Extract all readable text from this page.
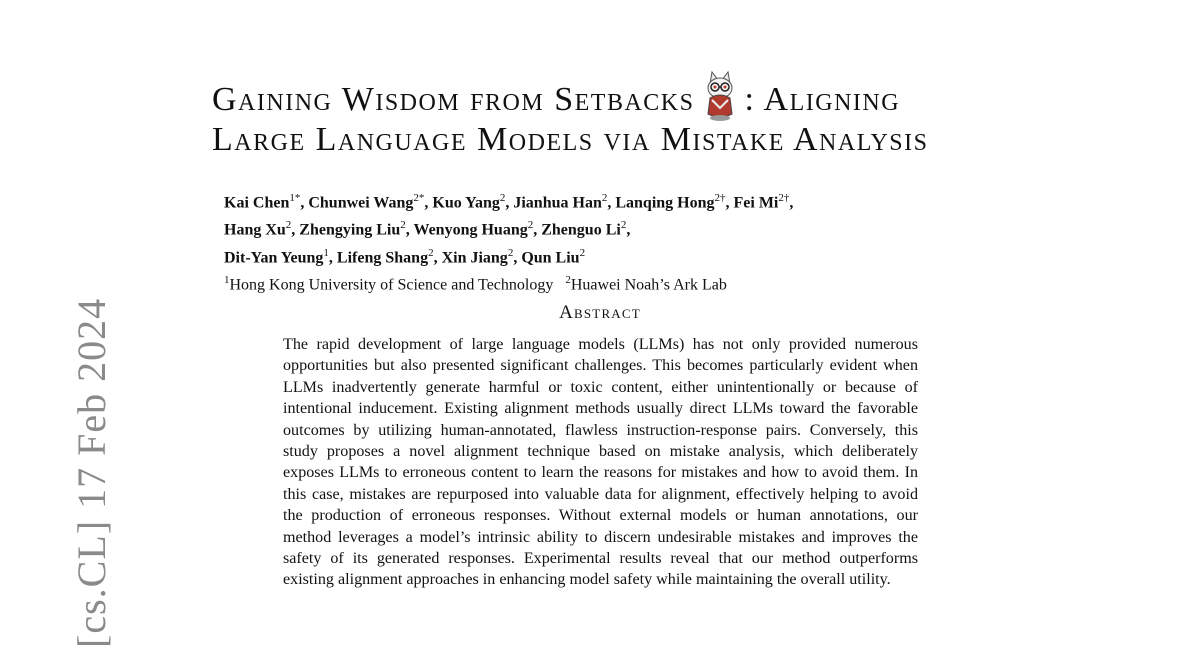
[cs.CL] 17 Feb 2024
Gaining Wisdom from Setbacks : Aligning
Large Language Models via Mistake Analysis
Kai Chen$^{1*}$, Chunwei Wang$^{2*}$, Kuo Yang$^2$, Jianhua Han$^2$, Lanqing Hong$^{2\dagger}$, Fei $Mi^{2\dagger}$,
Hang Xu$^2$, Zhengying Liu$^2$, Wenyong Huang$^2$, Zhenguo Li$^2$,
Dit-Yan Yeung$^1$, Lifeng Shang$^2$, Xin Jiang$^2$, Qun Liu$^2$
$^1$Hong Kong University of Science and Technology $^2$Huawei Noah’s Ark Lab
Abstract
The rapid development of large language models (LLMs) has not only provided numerous opportunities but also presented significant challenges. This becomes particularly evident when LLMs inadvertently generate harmful or toxic content, either unintentionally or because of intentional inducement. Existing alignment methods usually direct LLMs toward the favorable outcomes by utilizing human-annotated, flawless instruction-response pairs. Conversely, this study proposes a novel alignment technique based on mistake analysis, which deliberately exposes LLMs to erroneous content to learn the reasons for mistakes and how to avoid them. In this case, mistakes are repurposed into valuable data for alignment, effectively helping to avoid the production of erroneous responses. Without external models or human annotations, our method leverages a model’s intrinsic ability to discern undesirable mistakes and improves the safety of its generated responses. Experimental results reveal that our method outperforms existing alignment approaches in enhancing model safety while maintaining the overall utility.
